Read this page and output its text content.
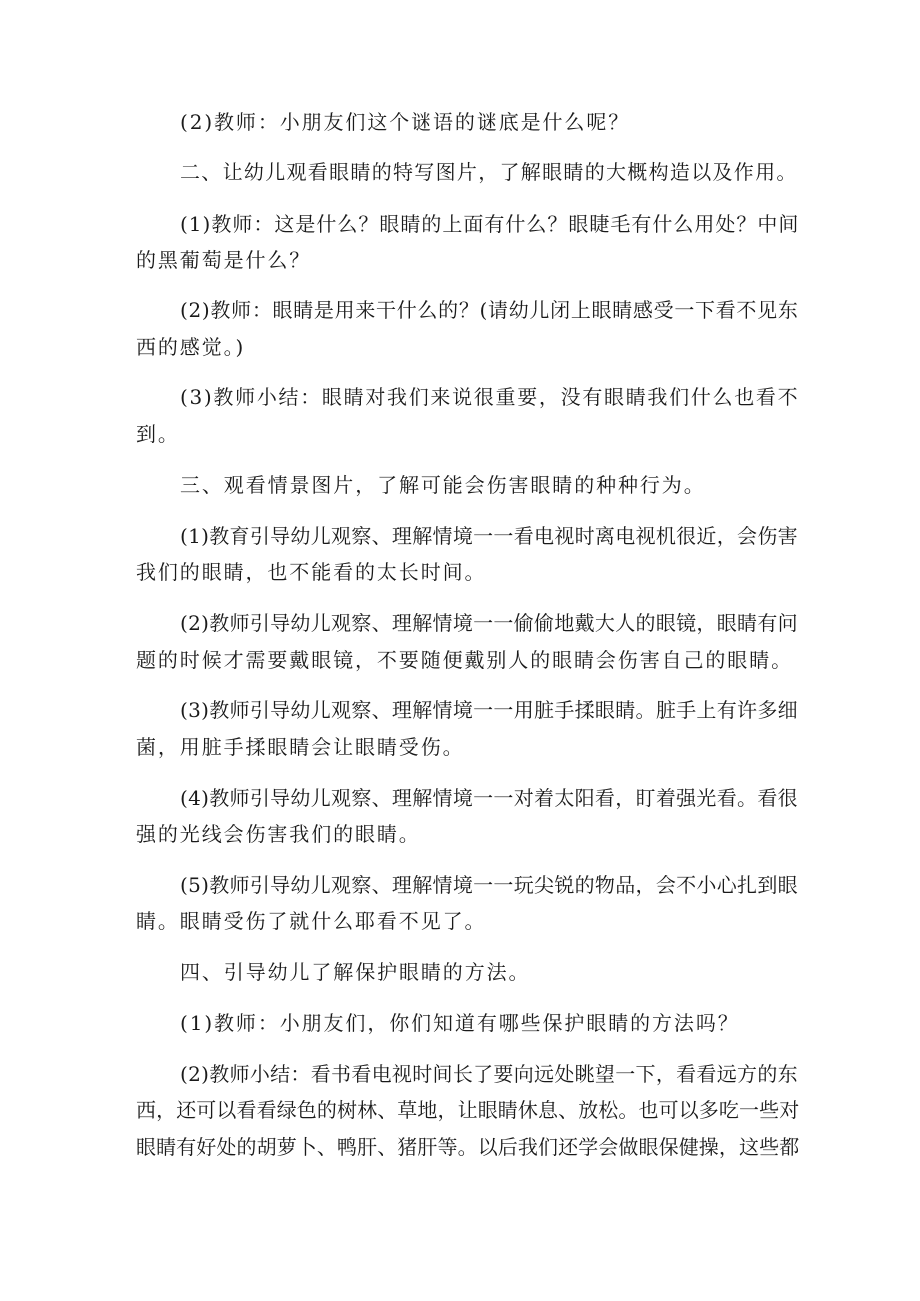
(2)教师：小朋友们这个谜语的谜底是什么呢？
二、让幼儿观看眼睛的特写图片，了解眼睛的大概构造以及作用。
(1)教师：这是什么？眼睛的上面有什么？眼睫毛有什么用处？中间
的黑葡萄是什么？
(2)教师：眼睛是用来干什么的？(请幼儿闭上眼睛感受一下看不见东
西的感觉。)
(3)教师小结：眼睛对我们来说很重要，没有眼睛我们什么也看不
到。
三、观看情景图片，了解可能会伤害眼睛的种种行为。
(1)教育引导幼儿观察、理解情境一一看电视时离电视机很近，会伤害
我们的眼睛，也不能看的太长时间。
(2)教师引导幼儿观察、理解情境一一偷偷地戴大人的眼镜，眼睛有问
题的时候才需要戴眼镜，不要随便戴别人的眼睛会伤害自己的眼睛。
(3)教师引导幼儿观察、理解情境一一用脏手揉眼睛。脏手上有许多细
菌，用脏手揉眼睛会让眼睛受伤。
(4)教师引导幼儿观察、理解情境一一对着太阳看，盯着强光看。看很
强的光线会伤害我们的眼睛。
(5)教师引导幼儿观察、理解情境一一玩尖锐的物品，会不小心扎到眼
睛。眼睛受伤了就什么耶看不见了。
四、引导幼儿了解保护眼睛的方法。
(1)教师：小朋友们，你们知道有哪些保护眼睛的方法吗？
(2)教师小结：看书看电视时间长了要向远处眺望一下，看看远方的东
西，还可以看看绿色的树林、草地，让眼睛休息、放松。也可以多吃一些对
眼睛有好处的胡萝卜、鸭肝、猪肝等。以后我们还学会做眼保健操，这些都
